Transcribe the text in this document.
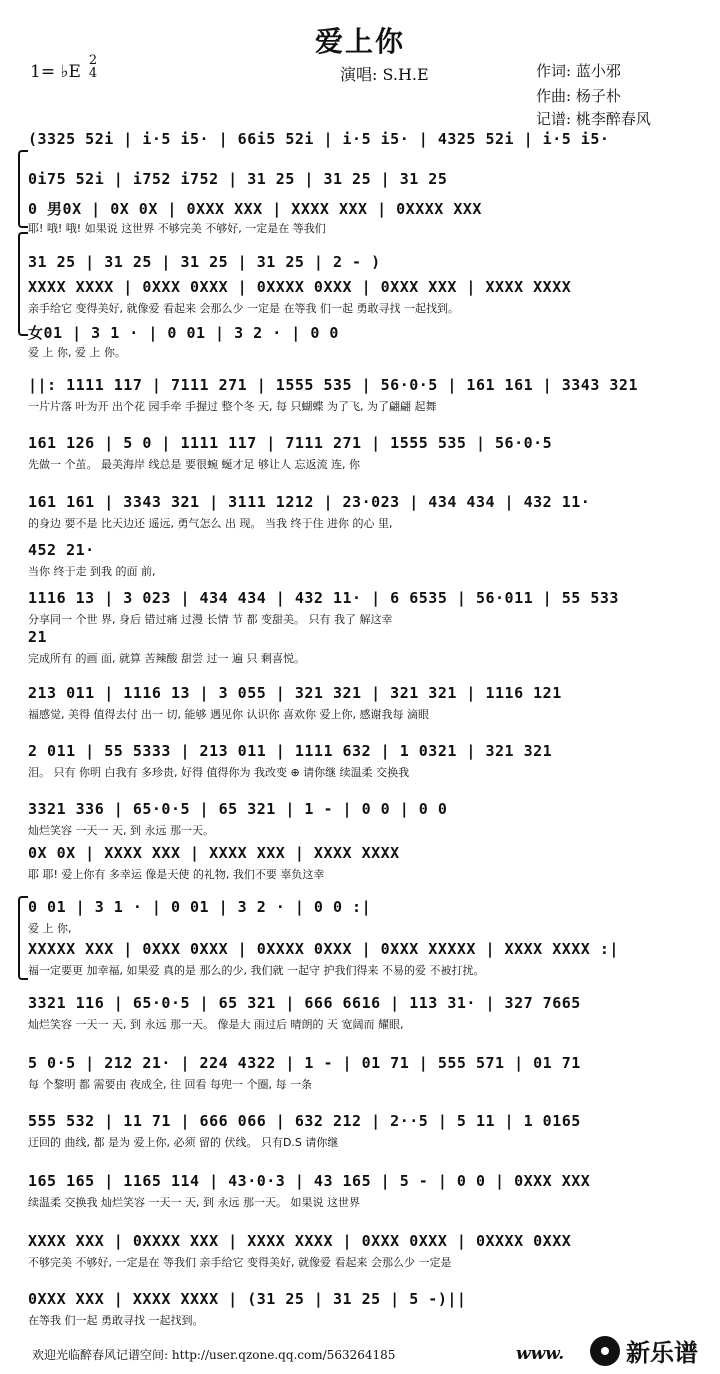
爱上你
1= ♭E
2
4	演唱: S.H.E	作词: 蓝小邪
作曲: 杨子朴
记谱: 桃李醉春风
(3325 52i | i·5 i5· | 66i5 52i | i·5 i5· | 4325 52i | i·5 i5·
0i75 52i | i752 i752 | 31 25 | 31 25 | 31 25
0 男0X | 0X 0X | 0XXX XXX | XXXX XXX | 0XXXX XXX
耶! 哦! 哦! 如果说 这世界 不够完美 不够好, 一定是在 等我们
31 25 | 31 25 | 31 25 | 31 25 | 2 - )
XXXX XXXX | 0XXX 0XXX | 0XXXX 0XXX | 0XXX XXX | XXXX XXXX
亲手给它 变得美好, 就像爱 看起来 会那么少 一定是 在等我 们一起 勇敢寻找 一起找到。
女01 | 3 1 · | 0 01 | 3 2 · | 0 0
爱 上 你, 爱 上 你。
||: 1111 117 | 7111 271 | 1555 535 | 56·0·5 | 161 161 | 3343 321
一片片落 叶为开 出个花 园手牵 手握过 整个冬 天, 每 只蝴蝶 为了飞, 为了翩翩 起舞
161 126 | 5 0 | 1111 117 | 7111 271 | 1555 535 | 56·0·5
先做一 个茧。 最美海岸 线总是 要很蜿 蜒才足 够让人 忘返流 连, 你
161 161 | 3343 321 | 3111 1212 | 23·023 | 434 434 | 432 11·
的身边 要不是 比天边还 遥远, 勇气怎么 出 现。 当我 终于住 进你 的心 里,
452 21·
当你 终于走 到我 的面 前,
1116 13 | 3 023 | 434 434 | 432 11· | 6 6535 | 56·011 | 55 533
分享同一 个世 界, 身后 错过痛 过漫 长情 节 都 变甜美。 只有 我了 解这幸
21
完成所有 的画 面, 就算 苦辣酸 甜尝 过一 遍 只 剩喜悦。
213 011 | 1116 13 | 3 055 | 321 321 | 321 321 | 1116 121
福感觉, 美得 值得去付 出一 切, 能够 遇见你 认识你 喜欢你 爱上你, 感谢我每 滴眼
2 011 | 55 5333 | 213 011 | 1111 632 | 1 0321 | 321 321
泪。 只有 你明 白我有 多珍贵, 好得 值得你为 我改变 ⊕ 请你继 续温柔 交换我
3321 336 | 65·0·5 | 65 321 | 1 - | 0 0 | 0 0
灿烂笑容 一天一 天, 到 永远 那一天。
0X 0X | XXXX XXX | XXXX XXX | XXXX XXXX
耶 耶! 爱上你有 多幸运 像是天使 的礼物, 我们不要 辜负这幸
0 01 | 3 1 · | 0 01 | 3 2 · | 0 0 :|
爱 上 你,
XXXXX XXX | 0XXX 0XXX | 0XXXX 0XXX | 0XXX XXXXX | XXXX XXXX :|
福一定要更 加幸福, 如果爱 真的是 那么的少, 我们就 一起守 护我们得来 不易的爱 不被打扰。
3321 116 | 65·0·5 | 65 321 | 666 6616 | 113 31· | 327 7665
灿烂笑容 一天一 天, 到 永远 那一天。 像是大 雨过后 晴朗的 天 宽阔而 耀眼,
5 0·5 | 212 21· | 224 4322 | 1 - | 01 71 | 555 571 | 01 71
每 个黎明 都 需要由 夜成全, 往 回看 每兜一 个圈, 每 一条
555 532 | 11 71 | 666 066 | 632 212 | 2··5 | 5 11 | 1 0165
迂回的 曲线, 都 是为 爱上你, 必须 留的 伏线。 只有D.S 请你继
165 165 | 1165 114 | 43·0·3 | 43 165 | 5 - | 0 0 | 0XXX XXX
续温柔 交换我 灿烂笑容 一天一 天, 到 永远 那一天。 如果说 这世界
XXXX XXX | 0XXXX XXX | XXXX XXXX | 0XXX 0XXX | 0XXXX 0XXX
不够完美 不够好, 一定是在 等我们 亲手给它 变得美好, 就像爱 看起来 会那么少 一定是
0XXX XXX | XXXX XXXX | (31 25 | 31 25 | 5 -)||
在等我 们一起 勇敢寻找 一起找到。
欢迎光临醉春风记谱空间: http://user.qzone.qq.com/563264185	www.	新乐谱
